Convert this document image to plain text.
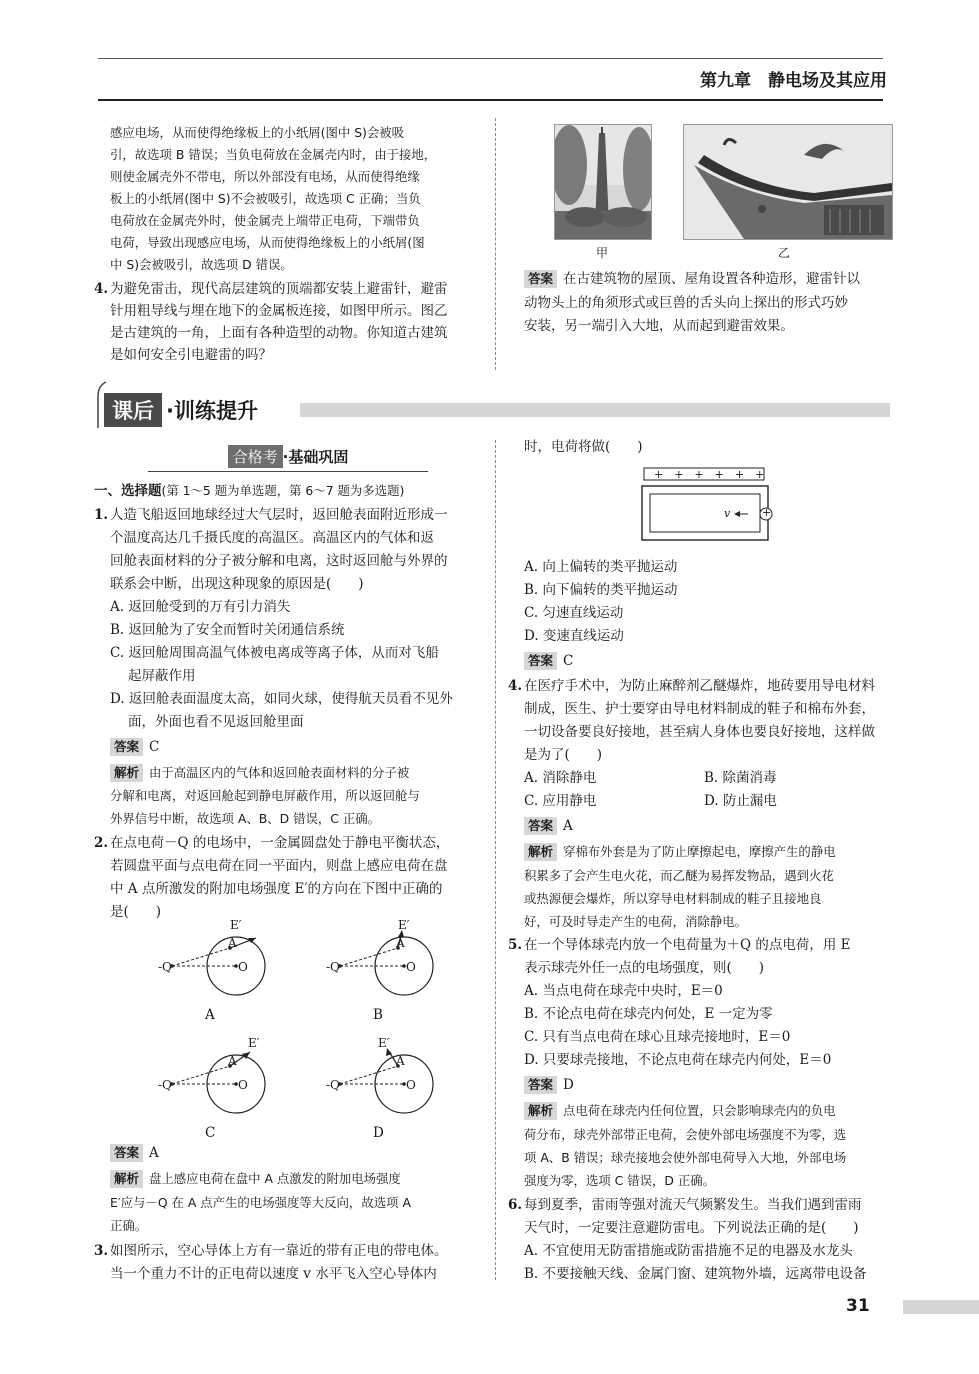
第九章　静电场及其应用
感应电场，从而使得绝缘板上的小纸屑(图中 S)会被吸
引，故选项 B 错误；当负电荷放在金属壳内时，由于接地，
则使金属壳外不带电，所以外部没有电场，从而使得绝缘
板上的小纸屑(图中 S)不会被吸引，故选项 C 正确；当负
电荷放在金属壳外时，使金属壳上端带正电荷，下端带负
电荷，导致出现感应电场，从而使得绝缘板上的小纸屑(图
中 S)会被吸引，故选项 D 错误。
4. 为避免雷击，现代高层建筑的顶端都安装上避雷针，避雷
针用粗导线与埋在地下的金属板连接，如图甲所示。图乙
是古建筑的一角，上面有各种造型的动物。你知道古建筑
是如何安全引电避雷的吗？
甲	乙
答案 在古建筑物的屋顶、屋角设置各种造形，避雷针以
动物头上的角须形式或巨兽的舌头向上探出的形式巧妙
安装，另一端引入大地，从而起到避雷效果。
课后 ·训练提升
合格考 ·基础巩固
一、选择题(第 1～5 题为单选题，第 6～7 题为多选题)
1. 人造飞船返回地球经过大气层时，返回舱表面附近形成一
个温度高达几千摄氏度的高温区。高温区内的气体和返
回舱表面材料的分子被分解和电离，这时返回舱与外界的
联系会中断，出现这种现象的原因是(　　)
A. 返回舱受到的万有引力消失
B. 返回舱为了安全而暂时关闭通信系统
C. 返回舱周围高温气体被电离成等离子体，从而对飞船
起屏蔽作用
D. 返回舱表面温度太高，如同火球，使得航天员看不见外
面，外面也看不见返回舱里面
答案 C
解析 由于高温区内的气体和返回舱表面材料的分子被
分解和电离，对返回舱起到静电屏蔽作用，所以返回舱与
外界信号中断，故选项 A、B、D 错误，C 正确。
2. 在点电荷－Q 的电场中，一金属圆盘处于静电平衡状态，
若圆盘平面与点电荷在同一平面内，则盘上感应电荷在盘
中 A 点所激发的附加电场强度 E′的方向在下图中正确的
是(　　)
E′
A
O
-Q
A
E′
A
O
-Q
B
E′
A
O
-Q
C
E′
A
O
-Q
D
答案 A
解析 盘上感应电荷在盘中 A 点激发的附加电场强度
E′应与－Q 在 A 点产生的电场强度等大反向，故选项 A
正确。
3. 如图所示，空心导体上方有一靠近的带有正电的带电体。
当一个重力不计的正电荷以速度 v 水平飞入空心导体内
时，电荷将做(　　)
+　+　+　+　+　+
v	+
A. 向上偏转的类平抛运动
B. 向下偏转的类平抛运动
C. 匀速直线运动
D. 变速直线运动
答案 C
4. 在医疗手术中，为防止麻醉剂乙醚爆炸，地砖要用导电材料
制成，医生、护士要穿由导电材料制成的鞋子和棉布外套，
一切设备要良好接地，甚至病人身体也要良好接地，这样做
是为了(　　)
A. 消除静电	B. 除菌消毒
C. 应用静电	D. 防止漏电
答案 A
解析 穿棉布外套是为了防止摩擦起电，摩擦产生的静电
积累多了会产生电火花，而乙醚为易挥发物品，遇到火花
或热源便会爆炸，所以穿导电材料制成的鞋子且接地良
好，可及时导走产生的电荷，消除静电。
5. 在一个导体球壳内放一个电荷量为＋Q 的点电荷，用 E
表示球壳外任一点的电场强度，则(　　)
A. 当点电荷在球壳中央时，E＝0
B. 不论点电荷在球壳内何处，E 一定为零
C. 只有当点电荷在球心且球壳接地时，E＝0
D. 只要球壳接地，不论点电荷在球壳内何处，E＝0
答案 D
解析 点电荷在球壳内任何位置，只会影响球壳内的负电
荷分布，球壳外部带正电荷，会使外部电场强度不为零，选
项 A、B 错误；球壳接地会使外部电荷导入大地，外部电场
强度为零，选项 C 错误，D 正确。
6. 每到夏季，雷雨等强对流天气频繁发生。当我们遇到雷雨
天气时，一定要注意避防雷电。下列说法正确的是(　　)
A. 不宜使用无防雷措施或防雷措施不足的电器及水龙头
B. 不要接触天线、金属门窗、建筑物外墙，远离带电设备
31
